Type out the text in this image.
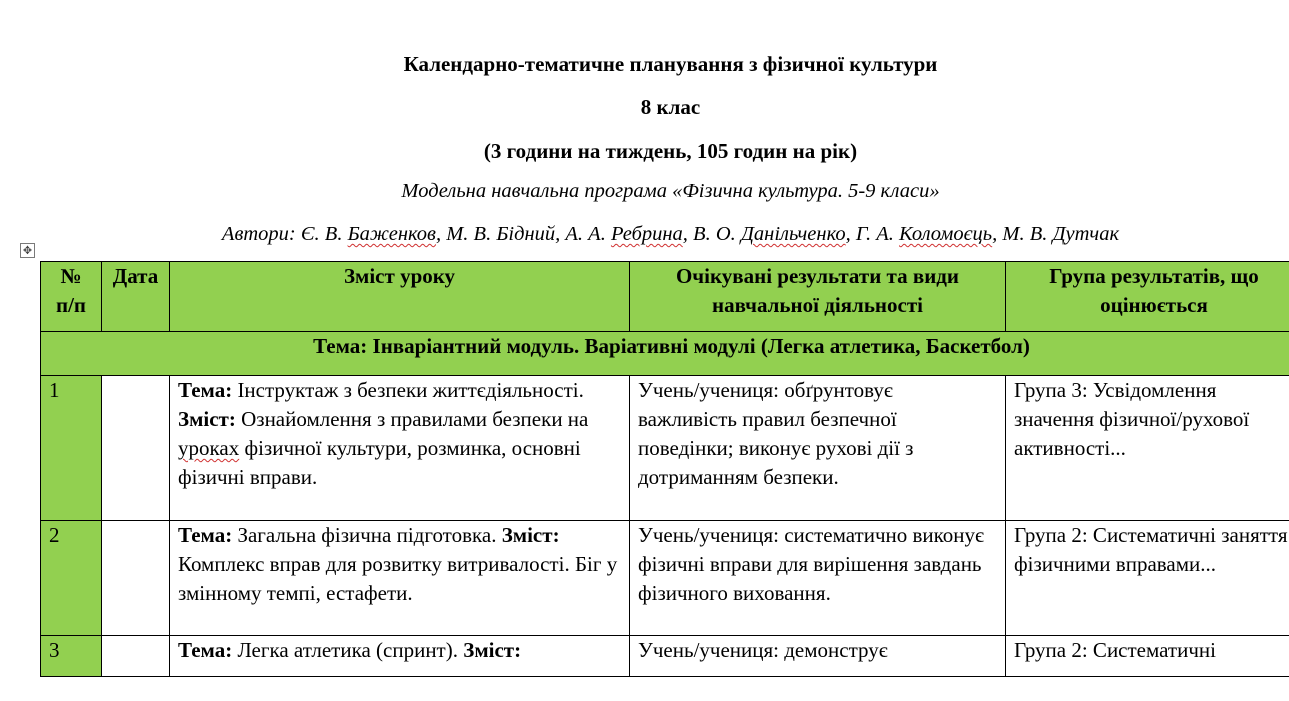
Календарно-тематичне планування з фізичної культури

8 клас

(3 години на тиждень, 105 годин на рік)

Модельна навчальна програма «Фізична культура. 5-9 класи»

Автори: Є. В. Баженков, М. В. Бідний, А. А. Ребрина, В. О. Данільченко, Г. А. Коломоєць, М. В. Дутчак

✥
№ п/п	Дата	Зміст уроку	Очікувані результати та види навчальної діяльності	Група результатів, що оцінюється
Тема: Інваріантний модуль. Варіативні модулі (Легка атлетика, Баскетбол)				
1		Тема: Інструктаж з безпеки життєдіяльності. Зміст: Ознайомлення з правилами безпеки на уроках фізичної культури, розминка, основні фізичні вправи.	Учень/учениця: обґрунтовує важливість правил безпечної поведінки; виконує рухові дії з дотриманням безпеки.	Група 3: Усвідомлення значення фізичної/рухової активності...
2		Тема: Загальна фізична підготовка. Зміст: Комплекс вправ для розвитку витривалості. Біг у змінному темпі, естафети.	Учень/учениця: систематично виконує фізичні вправи для вирішення завдань фізичного виховання.	Група 2: Систематичні заняття фізичними вправами...
3		Тема: Легка атлетика (спринт). Зміст:	Учень/учениця: демонструє	Група 2: Систематичні
